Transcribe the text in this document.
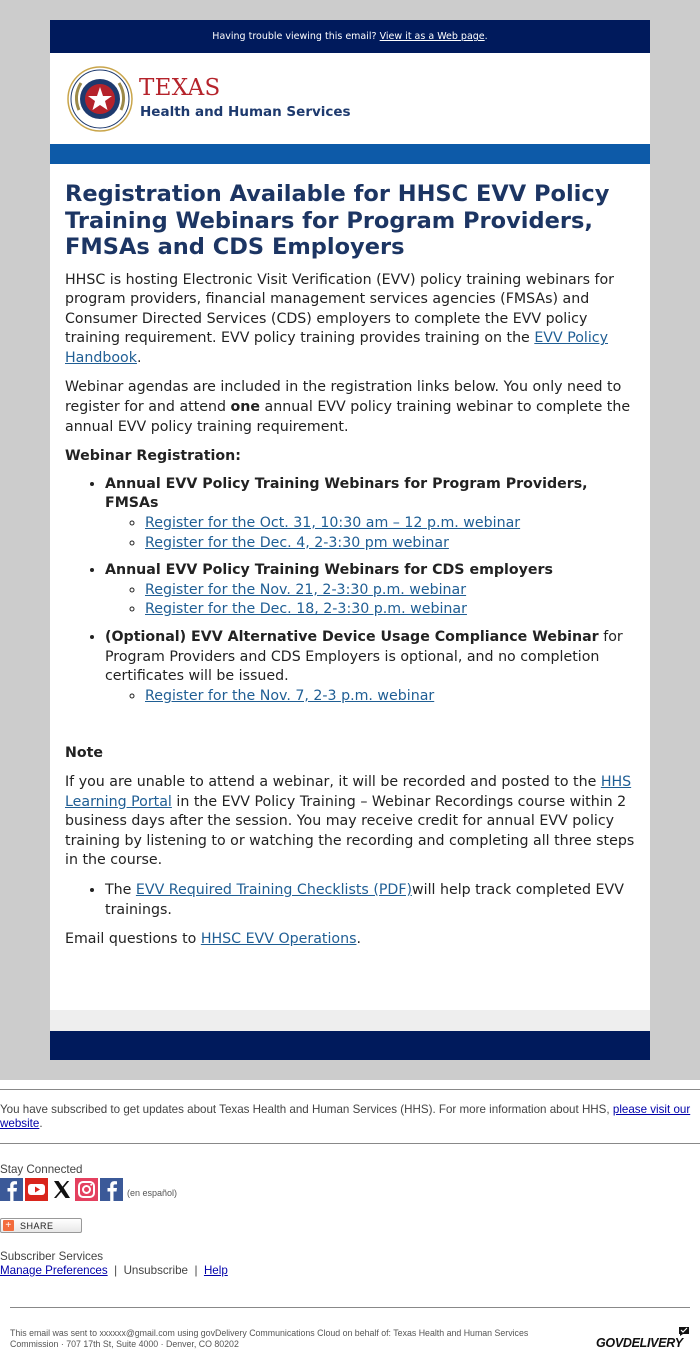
Having trouble viewing this email?
View it as a Web page .
TEXAS
Health and Human Services
Registration Available for HHSC EVV Policy Training Webinars for Program Providers, FMSAs and CDS Employers

HHSC is hosting Electronic Visit Verification (EVV) policy training webinars for program providers, financial management services agencies (FMSAs) and Consumer Directed Services (CDS) employers to complete the EVV policy training requirement. EVV policy training provides training on the EVV Policy Handbook.

Webinar agendas are included in the registration links below. You only need to register for and attend one annual EVV policy training webinar to complete the annual EVV policy training requirement.

Webinar Registration:

• Annual EVV Policy Training Webinars for Program Providers, FMSAs
◦ Register for the Oct. 31, 10:30 am – 12 p.m. webinar
◦ Register for the Dec. 4, 2-3:30 pm webinar
• Annual EVV Policy Training Webinars for CDS employers
◦ Register for the Nov. 21, 2-3:30 p.m. webinar
◦ Register for the Dec. 18, 2-3:30 p.m. webinar
• (Optional) EVV Alternative Device Usage Compliance Webinar for Program Providers and CDS Employers is optional, and no completion certificates will be issued.
◦ Register for the Nov. 7, 2-3 p.m. webinar

Note

If you are unable to attend a webinar, it will be recorded and posted to the HHS Learning Portal in the EVV Policy Training – Webinar Recordings course within 2 business days after the session. You may receive credit for annual EVV policy training by listening to or watching the recording and completing all three steps in the course.

• The EVV Required Training Checklists (PDF)will help track completed EVV trainings.

Email questions to HHSC EVV Operations.

You have subscribed to get updates about Texas Health and Human Services (HHS). For more information about HHS, please visit our website.
Stay Connected
(en español)
+ SHARE
Subscriber Services
Manage Preferences | Unsubscribe | Help
This email was sent to xxxxxx@gmail.com using govDelivery Communications Cloud on behalf of: Texas Health and Human Services Commission · 707 17th St, Suite 4000 · Denver, CO 80202	GOVDELIVERY
